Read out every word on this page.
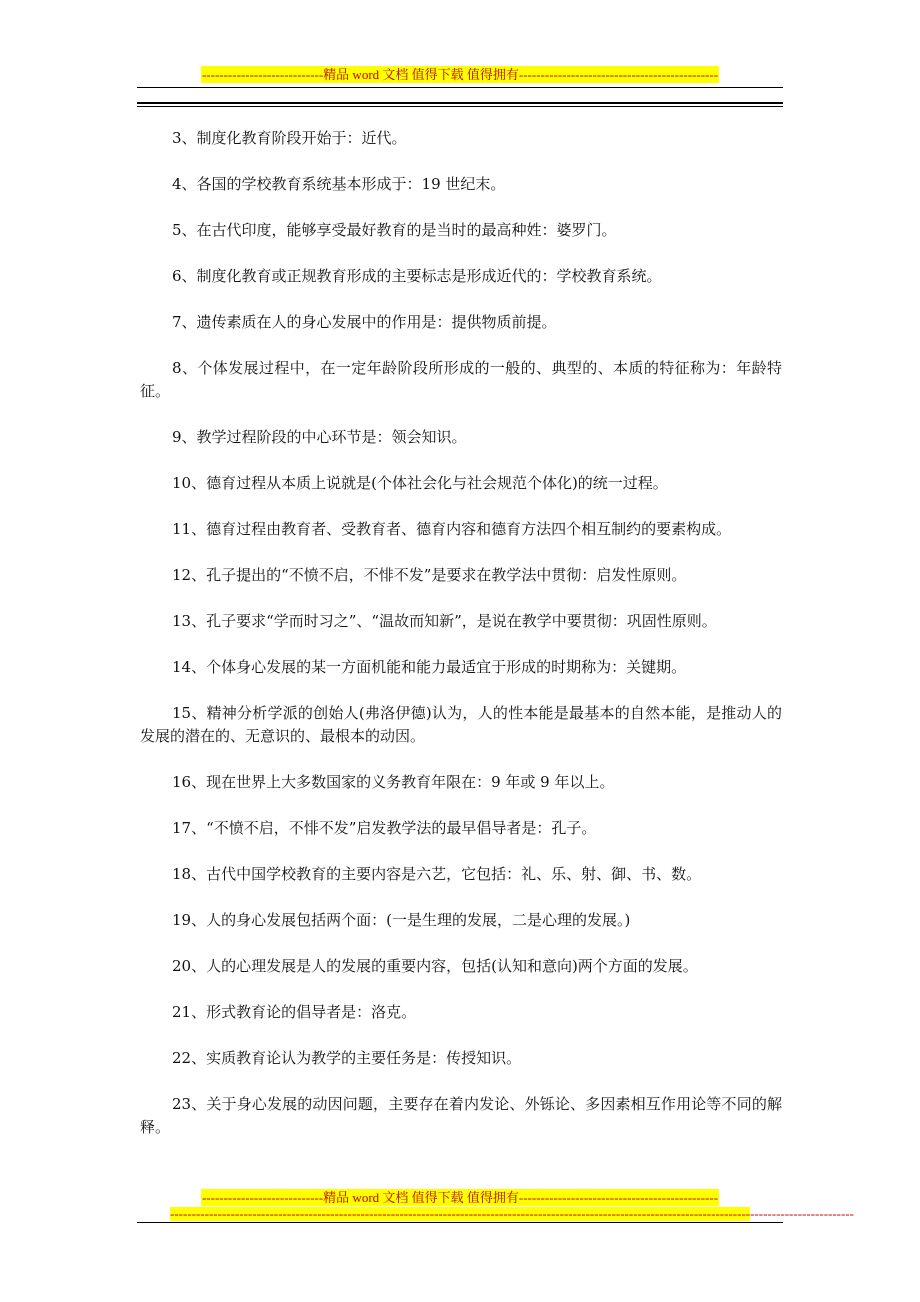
----------------------------精品 word 文档 值得下载 值得拥有----------------------------------------------

3、制度化教育阶段开始于：近代。

4、各国的学校教育系统基本形成于：19 世纪末。

5、在古代印度，能够享受最好教育的是当时的最高种姓：婆罗门。

6、制度化教育或正规教育形成的主要标志是形成近代的：学校教育系统。

7、遗传素质在人的身心发展中的作用是：提供物质前提。

8、个体发展过程中，在一定年龄阶段所形成的一般的、典型的、本质的特征称为：年龄特征。

9、教学过程阶段的中心环节是：领会知识。

10、德育过程从本质上说就是(个体社会化与社会规范个体化)的统一过程。

11、德育过程由教育者、受教育者、德育内容和德育方法四个相互制约的要素构成。

12、孔子提出的“不愤不启，不悱不发”是要求在教学法中贯彻：启发性原则。

13、孔子要求“学而时习之”、“温故而知新”，是说在教学中要贯彻：巩固性原则。

14、个体身心发展的某一方面机能和能力最适宜于形成的时期称为：关键期。

15、精神分析学派的创始人(弗洛伊德)认为，人的性本能是最基本的自然本能，是推动人的发展的潜在的、无意识的、最根本的动因。

16、现在世界上大多数国家的义务教育年限在：9 年或 9 年以上。

17、“不愤不启，不悱不发”启发教学法的最早倡导者是：孔子。

18、古代中国学校教育的主要内容是六艺，它包括：礼、乐、射、御、书、数。

19、人的身心发展包括两个面：(一是生理的发展，二是心理的发展。)

20、人的心理发展是人的发展的重要内容，包括(认知和意向)两个方面的发展。

21、形式教育论的倡导者是：洛克。

22、实质教育论认为教学的主要任务是：传授知识。

23、关于身心发展的动因问题，主要存在着内发论、外铄论、多因素相互作用论等不同的解释。

----------------------------精品 word 文档 值得下载 值得拥有----------------------------------------------
--------------------------------------------------------------------------------------------------------------------------------------------------------------
